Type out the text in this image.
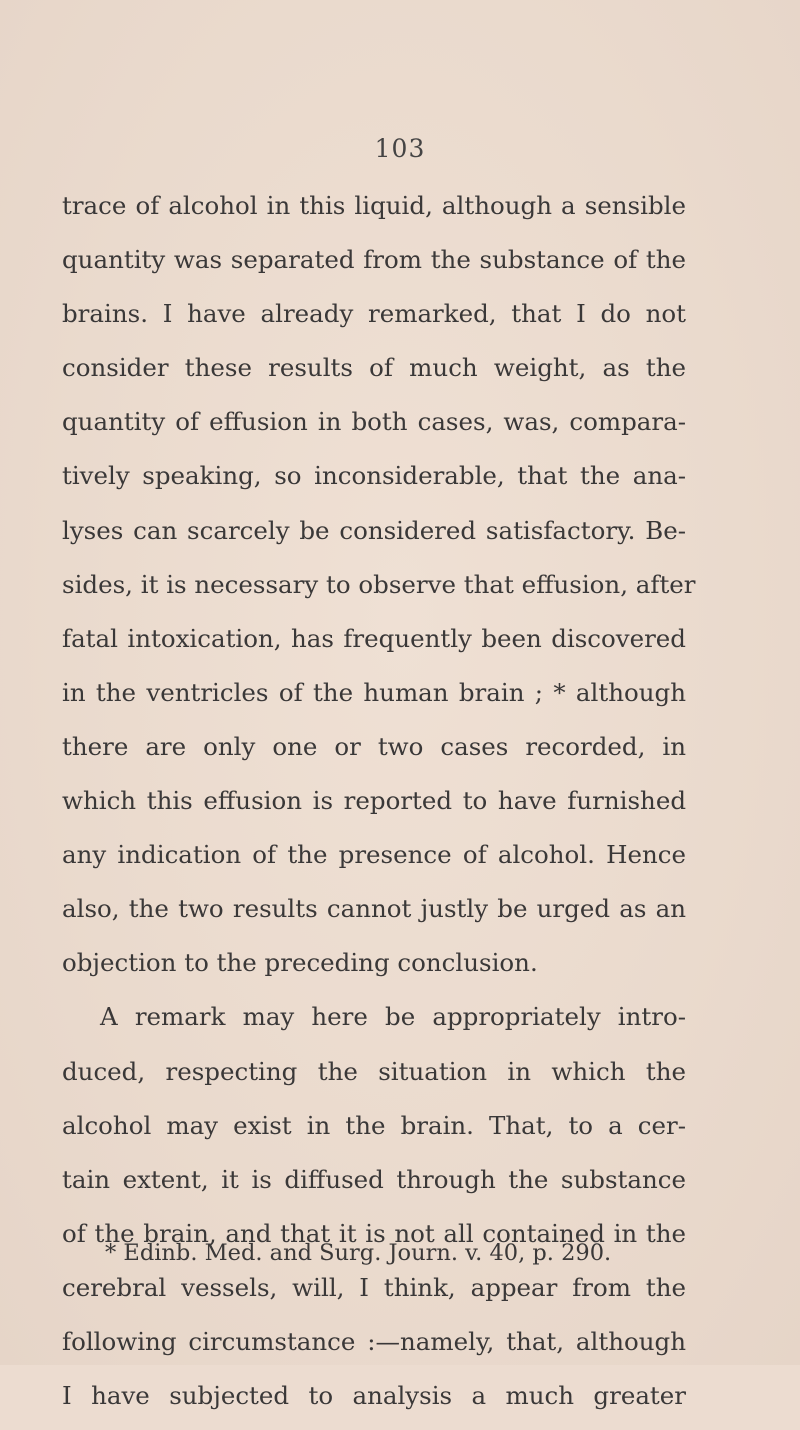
103
trace of alcohol in this liquid, although a sensible
quantity was separated from the substance of the
brains. I have already remarked, that I do not
consider these results of much weight, as the
quantity of effusion in both cases, was, compara-
tively speaking, so inconsiderable, that the ana-
lyses can scarcely be considered satisfactory. Be-
sides, it is necessary to observe that effusion, after
fatal intoxication, has frequently been discovered
in the ventricles of the human brain ; * although
there are only one or two cases recorded, in
which this effusion is reported to have furnished
any indication of the presence of alcohol. Hence
also, the two results cannot justly be urged as an
objection to the preceding conclusion.
A remark may here be appropriately intro-
duced, respecting the situation in which the
alcohol may exist in the brain. That, to a cer-
tain extent, it is diffused through the substance
of the brain, and that it is not all contained in the
cerebral vessels, will, I think, appear from the
following circumstance :—namely, that, although
I have subjected to analysis a much greater
* Edinb. Med. and Surg. Journ. v. 40, p. 290.
